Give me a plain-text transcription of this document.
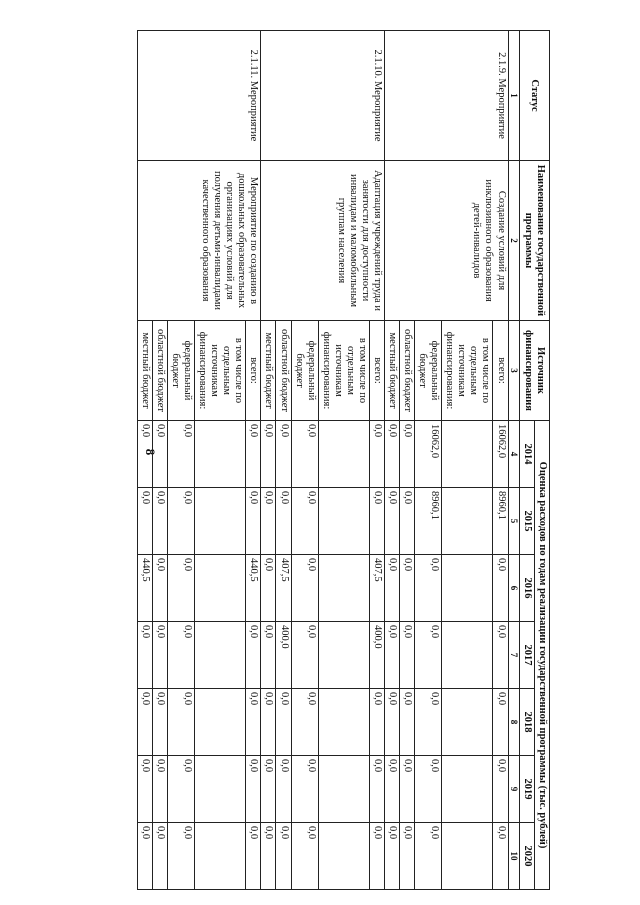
8
Статус	Наименование государственной программы	Источник финансирования	Оценка расходов по годам реализации государственной программы (тыс. рублей)						
			2014	2015	2016	2017	2018	2019	2020
1	2	3	4	5	6	7	8	9	10
2.1.9. Мероприятие	Создание условий для инклюзивного образования детей-инвалидов	всего:	16062,0	8960,1	0,0	0,0	0,0	0,0	0,0
		в том числе по отдельным источникам финансирования:							
		федеральный бюджет	16062,0	8960,1	0,0	0,0	0,0	0,0	0,0
		областной бюджет	0,0	0,0	0,0	0,0	0,0	0,0	0,0
		местный бюджет	0,0	0,0	0,0	0,0	0,0	0,0	0,0
2.1.10. Мероприятие	Адаптация учреждений труда и занятости для доступности инвалидам и маломобильным группам населения	всего:	0,0	0,0	407,5	400,0	0,0	0,0	0,0
		в том числе по отдельным источникам финансирования:							
		федеральный бюджет	0,0	0,0	0,0	0,0	0,0	0,0	0,0
		областной бюджет	0,0	0,0	407,5	400,0	0,0	0,0	0,0
		местный бюджет	0,0	0,0	0,0	0,0	0,0	0,0	0,0
2.1.11. Мероприятие	Мероприятие по созданию в дошкольных образовательных организациях условий для получения детьми-инвалидами качественного образования	всего:	0,0	0,0	440,5	0,0	0,0	0,0	0,0
		в том числе по отдельным источникам финансирования:							
		федеральный бюджет	0,0	0,0	0,0	0,0	0,0	0,0	0,0
		областной бюджет	0,0	0,0	0,0	0,0	0,0	0,0	0,0
		местный бюджет	0,0	0,0	440,5	0,0	0,0	0,0	0,0
